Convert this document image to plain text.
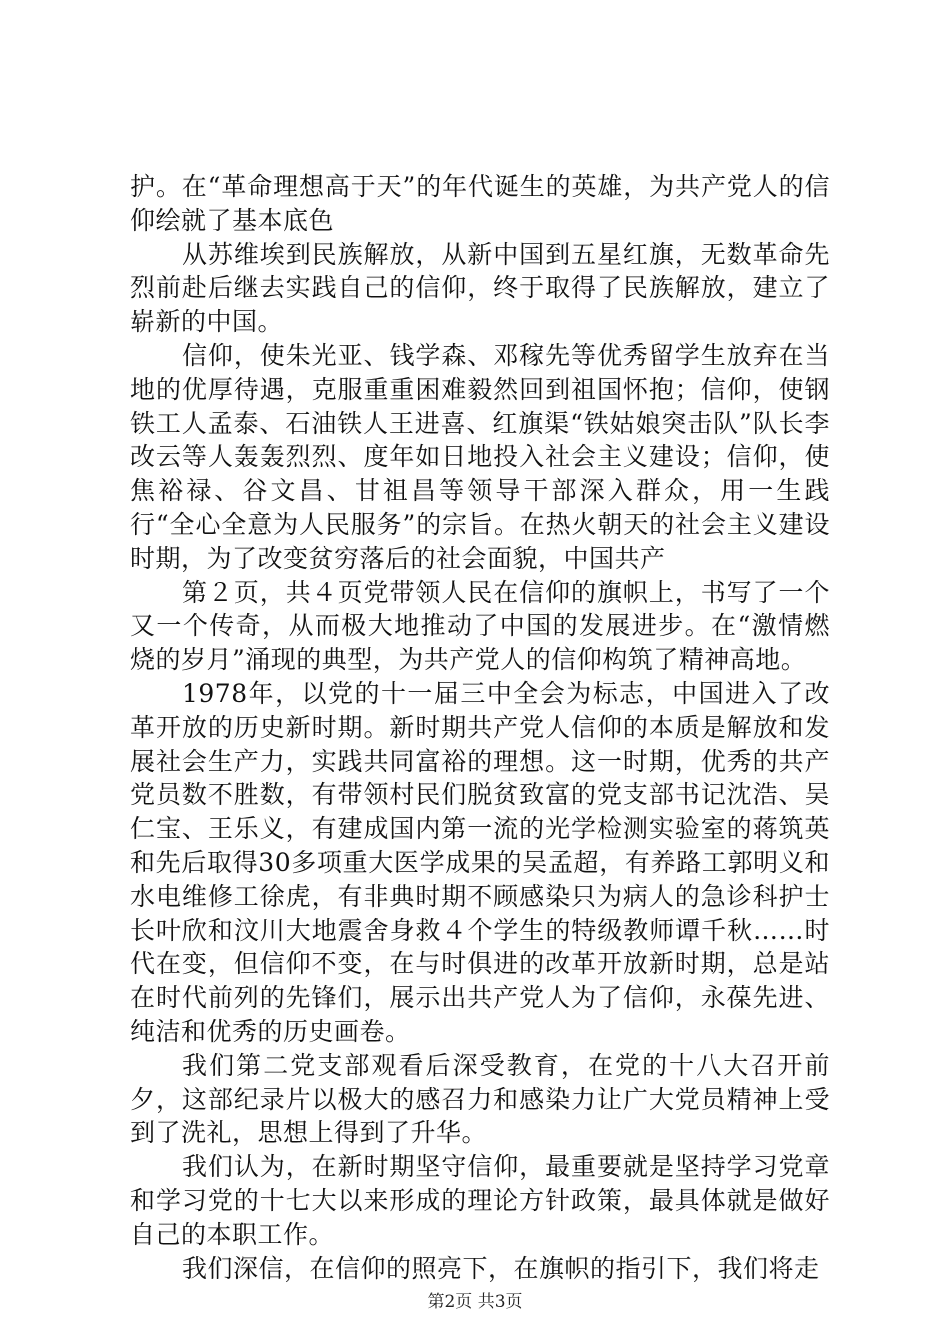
护。在“革命理想高于天”的年代诞生的英雄，为共产党人的信仰绘就了基本底色

从苏维埃到民族解放，从新中国到五星红旗，无数革命先烈前赴后继去实践自己的信仰，终于取得了民族解放，建立了崭新的中国。

信仰，使朱光亚、钱学森、邓稼先等优秀留学生放弃在当地的优厚待遇，克服重重困难毅然回到祖国怀抱；信仰，使钢铁工人孟泰、石油铁人王进喜、红旗渠“铁姑娘突击队”队长李改云等人轰轰烈烈、度年如日地投入社会主义建设；信仰，使焦裕禄、谷文昌、甘祖昌等领导干部深入群众，用一生践行“全心全意为人民服务”的宗旨。在热火朝天的社会主义建设时期，为了改变贫穷落后的社会面貌，中国共产

第２页，共４页党带领人民在信仰的旗帜上，书写了一个又一个传奇，从而极大地推动了中国的发展进步。在“激情燃烧的岁月”涌现的典型，为共产党人的信仰构筑了精神高地。

1978年，以党的十一届三中全会为标志，中国进入了改革开放的历史新时期。新时期共产党人信仰的本质是解放和发展社会生产力，实践共同富裕的理想。这一时期，优秀的共产党员数不胜数，有带领村民们脱贫致富的党支部书记沈浩、吴仁宝、王乐义，有建成国内第一流的光学检测实验室的蒋筑英和先后取得30多项重大医学成果的吴孟超，有养路工郭明义和水电维修工徐虎，有非典时期不顾感染只为病人的急诊科护士长叶欣和汶川大地震舍身救４个学生的特级教师谭千秋……时代在变，但信仰不变，在与时俱进的改革开放新时期，总是站在时代前列的先锋们，展示出共产党人为了信仰，永葆先进、纯洁和优秀的历史画卷。

我们第二党支部观看后深受教育，在党的十八大召开前夕，这部纪录片以极大的感召力和感染力让广大党员精神上受到了洗礼，思想上得到了升华。

我们认为，在新时期坚守信仰，最重要就是坚持学习党章和学习党的十七大以来形成的理论方针政策，最具体就是做好自己的本职工作。

我们深信，在信仰的照亮下，在旗帜的指引下，我们将走

第2页 共3页
